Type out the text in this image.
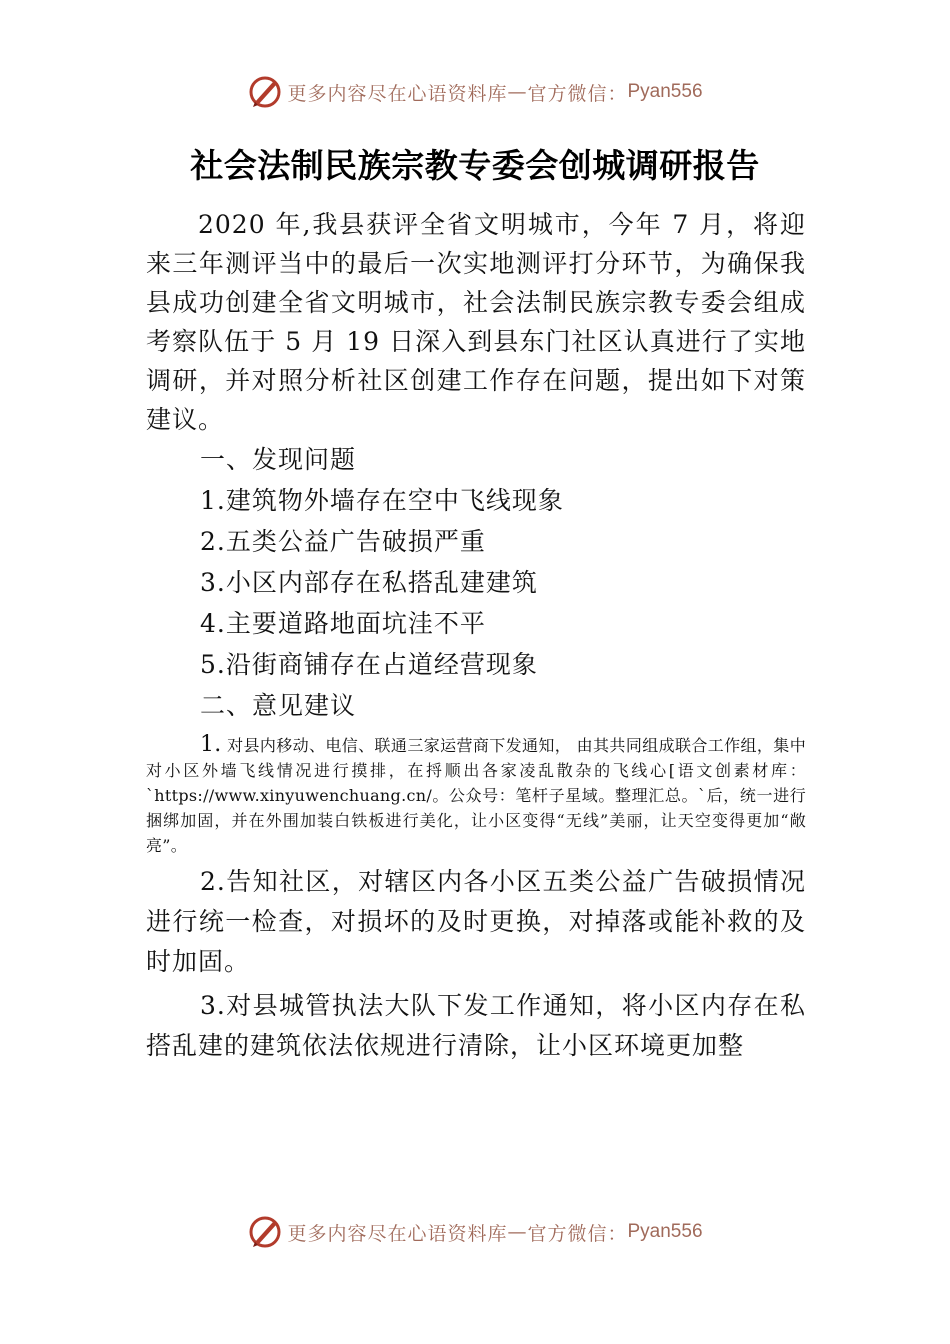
更多内容尽在心语资料库 — 官方微信： Pyan556
社会法制民族宗教专委会创城调研报告

2020 年,我县获评全省文明城市，今年 7 月，将迎来三年测评当中的最后一次实地测评打分环节，为确保我县成功创建全省文明城市，社会法制民族宗教专委会组成考察队伍于 5 月 19 日深入到县东门社区认真进行了实地调研，并对照分析社区创建工作存在问题，提出如下对策建议。

一、发现问题

1.建筑物外墙存在空中飞线现象

2.五类公益广告破损严重

3.小区内部存在私搭乱建建筑

4.主要道路地面坑洼不平

5.沿街商铺存在占道经营现象

二、意见建议

1. 对县内移动、电信、联通三家运营商下发通知， 由其共同组成联合工作组，集中对小区外墙飞线情况进行摸排，在捋顺出各家凌乱散杂的飞线心[语文创素材库：`https://www.xinyuwenchuang.cn/。公众号：笔杆子星域。整理汇总。`后，统一进行捆绑加固，并在外围加装白铁板进行美化，让小区变得“无线”美丽，让天空变得更加“敞亮”。

2.告知社区，对辖区内各小区五类公益广告破损情况进行统一检查，对损坏的及时更换，对掉落或能补救的及时加固。

3.对县城管执法大队下发工作通知，将小区内存在私搭乱建的建筑依法依规进行清除，让小区环境更加整

更多内容尽在心语资料库 — 官方微信： Pyan556
